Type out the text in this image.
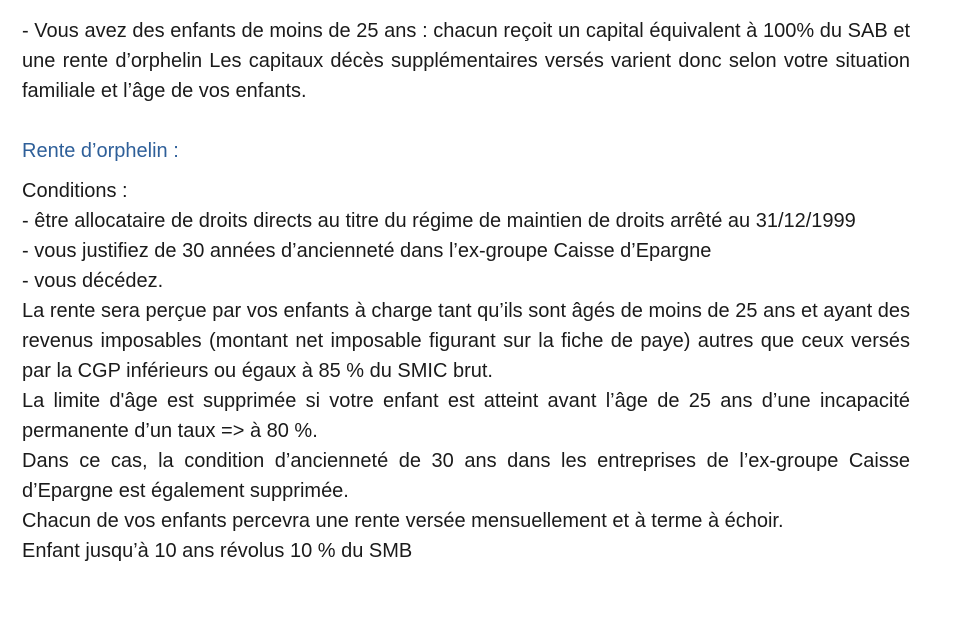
- Vous avez des enfants de moins de 25 ans : chacun reçoit un capital équivalent à 100% du SAB et une rente d’orphelin Les capitaux décès supplémentaires versés varient donc selon votre situation familiale et l’âge de vos enfants.

Rente d’orphelin :

Conditions :

- être allocataire de droits directs au titre du régime de maintien de droits arrêté au 31/12/1999

- vous justifiez de 30 années d’ancienneté dans l’ex-groupe Caisse d’Epargne

- vous décédez.

La rente sera perçue par vos enfants à charge tant qu’ils sont âgés de moins de 25 ans et ayant des revenus imposables (montant net imposable figurant sur la fiche de paye) autres que ceux versés par la CGP inférieurs ou égaux à 85 % du SMIC brut.

La limite d'âge est supprimée si votre enfant est atteint avant l’âge de 25 ans d’une incapacité permanente d’un taux => à 80 %.

Dans ce cas, la condition d’ancienneté de 30 ans dans les entreprises de l’ex-groupe Caisse d’Epargne est également supprimée.

Chacun de vos enfants percevra une rente versée mensuellement et à terme à échoir.

Enfant jusqu’à 10 ans révolus 10 % du SMB
